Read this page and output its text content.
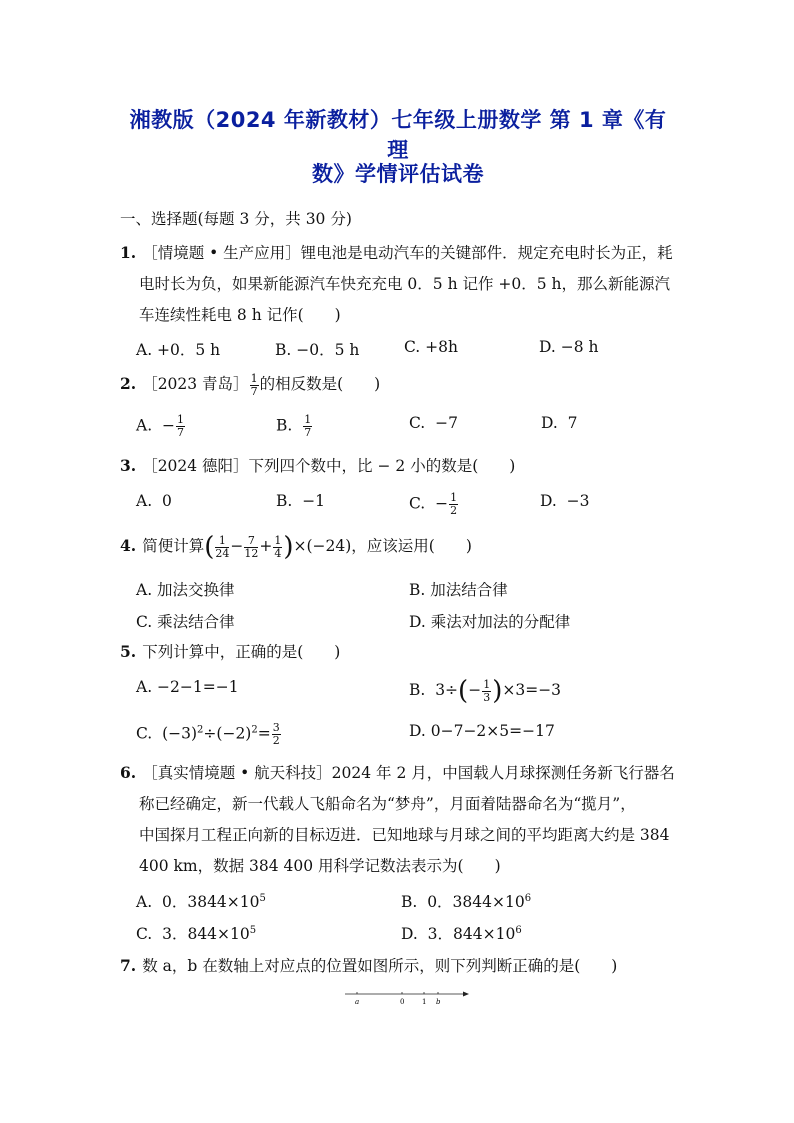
湘教版（2024 年新教材）七年级上册数学 第 1 章《有理
数》学情评估试卷
一、选择题(每题 3 分，共 30 分)
1. ［情境题 • 生产应用］锂电池是电动汽车的关键部件．规定充电时长为正，耗
电时长为负，如果新能源汽车快充充电 0．5 h 记作 +0．5 h，那么新能源汽
车连续性耗电 8 h 记作(　　)
A. +0．5 h	B. −0．5 h	C. +8h	D. −8 h
2. ［2023 青岛］ $\frac{1}{7}$ 的相反数是(　　)
A. − $\frac{1}{7}$	B. $\frac{1}{7}$	C. −7	D. 7
3. ［2024 德阳］下列四个数中，比 − 2 小的数是(　　)
A. 0	B. −1	C. − $\frac{1}{2}$	D. −3
4. 简便计算( $\frac{1}{24} - \frac{7}{12} + \frac{1}{4} )\times(-24)$，应该运用(　　)
A. 加法交换律	B. 加法结合律
C. 乘法结合律	D. 乘法对加法的分配律
5. 下列计算中，正确的是(　　)
A. −2−1=−1	B. $3\div(- \frac{1}{3} )\times 3=-3$
C. $(-3)^2\div(-2)^2= \frac{3}{2}$	D. 0−7−2×5=−17
6. ［真实情境题 • 航天科技］2024 年 2 月，中国载人月球探测任务新飞行器名
称已经确定，新一代载人飞船命名为“梦舟”，月面着陆器命名为“揽月”，
中国探月工程正向新的目标迈进．已知地球与月球之间的平均距离大约是 384
400 km，数据 384 400 用科学记数法表示为(　　)
A. 0．$3844\times 10^5$	B. 0．$3844\times 10^6$
C. 3．$844\times 10^5$	D. 3．$844\times 10^6$
7. 数 a，b 在数轴上对应点的位置如图所示，则下列判断正确的是(　　)
a	0	1 b
